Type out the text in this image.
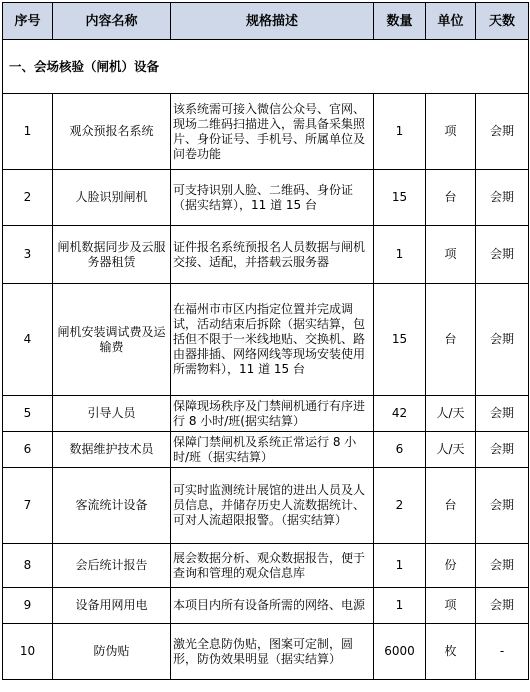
序号	内容名称	规格描述	数量	单位	天数
一、会场核验（闸机）设备					
1	观众预报名系统	该系统需可接入微信公众号、官网、现场二维码扫描进入，需具备采集照片、身份证号、手机号、所属单位及问卷功能	1	项	会期
2	人脸识别闸机	可支持识别人脸、二维码、身份证（据实结算），11 道 15 台	15	台	会期
3	闸机数据同步及云服务器租赁	证件报名系统预报名人员数据与闸机交接、适配，并搭载云服务器	1	项	会期
4	闸机安装调试费及运输费	在福州市市区内指定位置并完成调试，活动结束后拆除（据实结算，包括但不限于一米线地贴、交换机、路由器排插、网络网线等现场安装使用所需物料），11 道 15 台	15	台	会期
5	引导人员	保障现场秩序及门禁闸机通行有序进行 8 小时/班(据实结算）	42	人/天	会期
6	数据维护技术员	保障门禁闸机及系统正常运行 8 小时/班（据实结算）	6	人/天	会期
7	客流统计设备	可实时监测统计展馆的进出人员及人员信息，并储存历史人流数据统计、可对人流超限报警。（据实结算）	2	台	会期
8	会后统计报告	展会数据分析、观众数据报告，便于查询和管理的观众信息库	1	份	会期
9	设备用网用电	本项目内所有设备所需的网络、电源	1	项	会期
10	防伪贴	激光全息防伪贴，图案可定制，圆形，防伪效果明显（据实结算）	6000	枚	-
